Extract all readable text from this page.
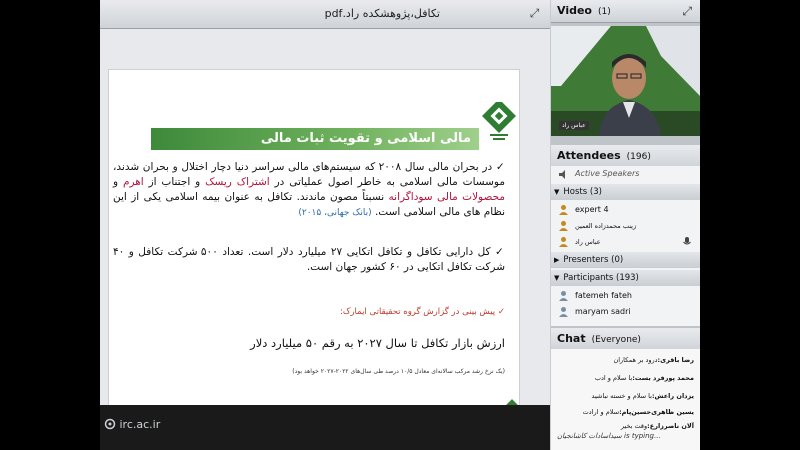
تکافل،پژوهشکده راد.pdf	⤢
مالی اسلامی و تقویت ثبات مالی
✓ در بحران مالی سال ۲۰۰۸ که سیستم‌های مالی سراسر دنیا دچار اختلال و بحران شدند، موسسات مالی اسلامی به خاطر اصول عملیاتی در اشتراک ریسک و اجتناب از اهرم و محصولات مالی سوداگرانه نسبتاً مصون ماندند. تکافل به عنوان بیمه اسلامی یکی از این نظام های مالی اسلامی است. (بانک جهانی، ۲۰۱۵)
✓ کل دارایی تکافل و تکافل اتکایی ۲۷ میلیارد دلار است. تعداد ۵۰۰ شرکت تکافل و ۴۰ شرکت تکافل اتکایی در ۶۰ کشور جهان است.
✓ پیش بینی در گزارش گروه تحقیقاتی ایمارک:
ارزش بازار تکافل تا سال ۲۰۲۷ به رقم ۵۰ میلیارد دلار
(یک نرخ رشد مرکب سالانه‌ای معادل ۱۰/۵ درصد طی سال‌های ۲۰۲۲-۲۰۲۷ خواهد بود)
irc.ac.ir
Video (1)	⤢
عباس راد
Attendees (196)
Active Speakers
▼ Hosts (3)
expert 4
زینب محمدزاده العمین
عباس راد
▶ Presenters (0)
▼ Participants (193)
fatemeh fateh
maryam sadri
Chat (Everyone)
رضا باقری:درود بر همکاران
محمد پورفرد بست:با سلام و ادب
یزدان راعش:با سلام و خسته نباشید
یسین ظاهری‌حسین‌پام:سلام و ارادت
آلان ناصرزارع:وقت بخیر
سیداسادات کاشانجیان is typing...
